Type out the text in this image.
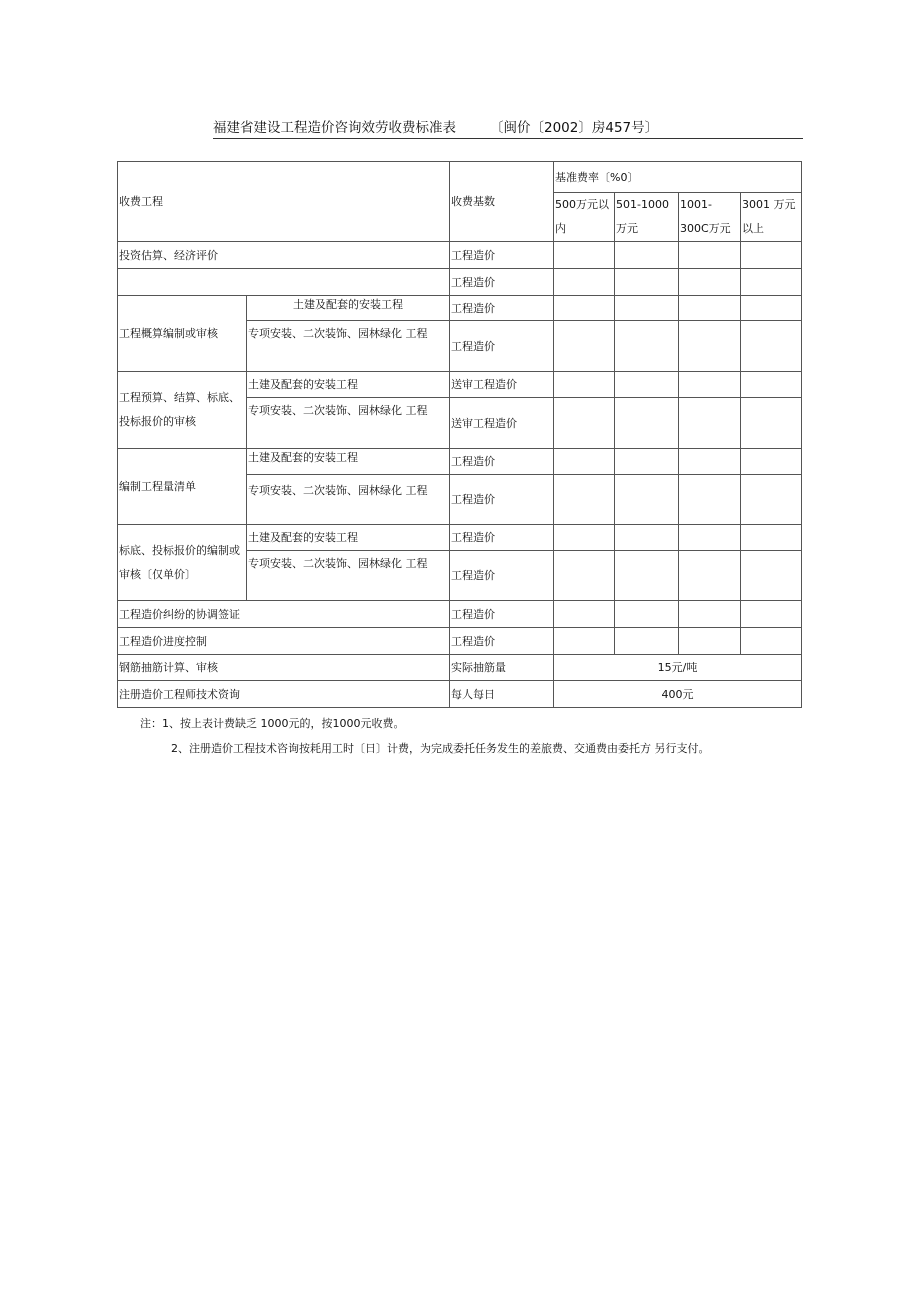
福建省建设工程造价咨询效劳收费标准表	〔闽价〔2002〕房457号〕
收费工程		收费基数	基准费率〔%0〕			
			500万元以内	501-1000万元	1001-300C万元	3001 万元以上
投资估算、经济评价		工程造价				
		工程造价				
工程概算编制或审核	土建及配套的安装工程	工程造价				
	专项安装、二次装饰、园林绿化 工程	工程造价				
工程预算、结算、标底、投标报价的审核	土建及配套的安装工程	送审工程造价				
	专项安装、二次装饰、园林绿化 工程	送审工程造价				
编制工程量清单	土建及配套的安装工程	工程造价				
	专项安装、二次装饰、园林绿化 工程	工程造价				
标底、投标报价的编制或审核〔仅单价〕	土建及配套的安装工程	工程造价				
	专项安装、二次装饰、园林绿化 工程	工程造价				
工程造价纠纷的协调签证		工程造价				
工程造价进度控制		工程造价				
钢筋抽筋计算、审核		实际抽筋量	15元/吨			
注册造价工程师技术资询		每人每日	400元			
注：1、按上表计费缺乏 1000元的，按1000元收费。
2、注册造价工程技术咨询按耗用工时〔日〕计费，为完成委托任务发生的差旅费、交通费由委托方 另行支付。
